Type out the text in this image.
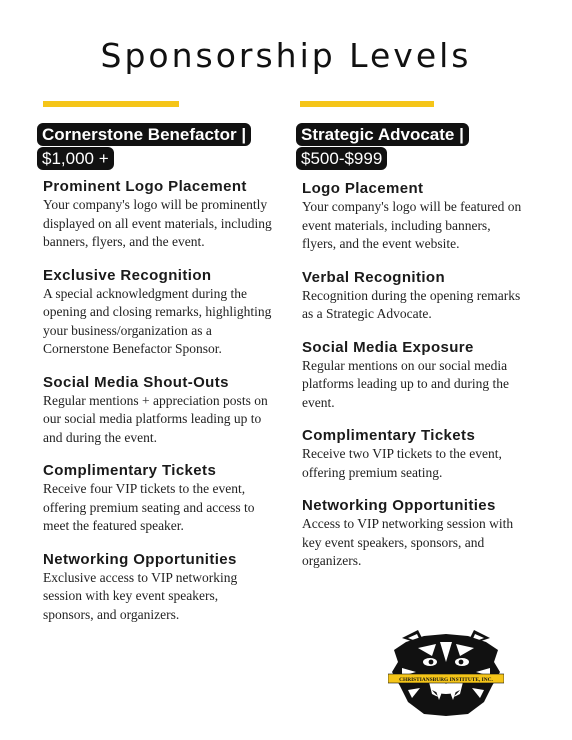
Sponsorship Levels
Cornerstone Benefactor |
$1,000 +
Prominent Logo Placement

Your company's logo will be prominently displayed on all event materials, including banners, flyers, and the event.

Exclusive Recognition

A special acknowledgment during the opening and closing remarks, highlighting your business/organization as a Cornerstone Benefactor Sponsor.

Social Media Shout-Outs

Regular mentions + appreciation posts on our social media platforms leading up to and during the event.

Complimentary Tickets

Receive four VIP tickets to the event, offering premium seating and access to meet the featured speaker.

Networking Opportunities

Exclusive access to VIP networking session with key event speakers, sponsors, and organizers.

Strategic Advocate |
$500-$999
Logo Placement

Your company's logo will be featured on event materials, including banners, flyers, and the event website.

Verbal Recognition

Recognition during the opening remarks as a Strategic Advocate.

Social Media Exposure

Regular mentions on our social media platforms leading up to and during the event.

Complimentary Tickets

Receive two VIP tickets to the event, offering premium seating.

Networking Opportunities

Access to VIP networking session with key event speakers, sponsors, and organizers.

CHRISTIANSBURG INSTITUTE, INC.
